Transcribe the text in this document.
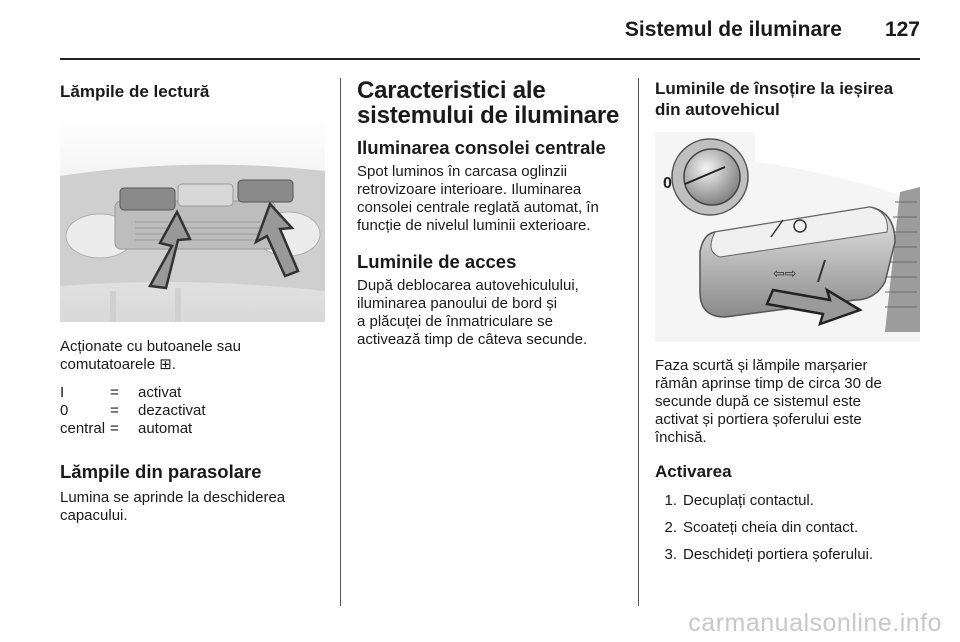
Sistemul de iluminare 127
Lămpile de lectură

Acționate cu butoanele sau

comutatoarele ⊞.

I	=	activat
0	=	dezactivat
central =	automat
Lămpile din parasolare

Lumina se aprinde la deschiderea

capacului.

Caracteristici ale
sistemului de iluminare
Iluminarea consolei centrale

Spot luminos în carcasa oglinzii

retrovizoare interioare. Iluminarea

consolei centrale reglată automat, în

funcție de nivelul luminii exterioare.

Luminile de acces

După deblocarea autovehiculului,

iluminarea panoului de bord și

a plăcuței de înmatriculare se

activează timp de câteva secunde.

Luminile de însoțire la ieșirea
din autovehicul
0
⇦⇨

Faza scurtă și lămpile marșarier

rămân aprinse timp de circa 30 de

secunde după ce sistemul este

activat și portiera șoferului este

închisă.

Activarea
1. Decuplați contactul.
2. Scoateți cheia din contact.
3. Deschideți portiera șoferului.
carmanualsonline.info
